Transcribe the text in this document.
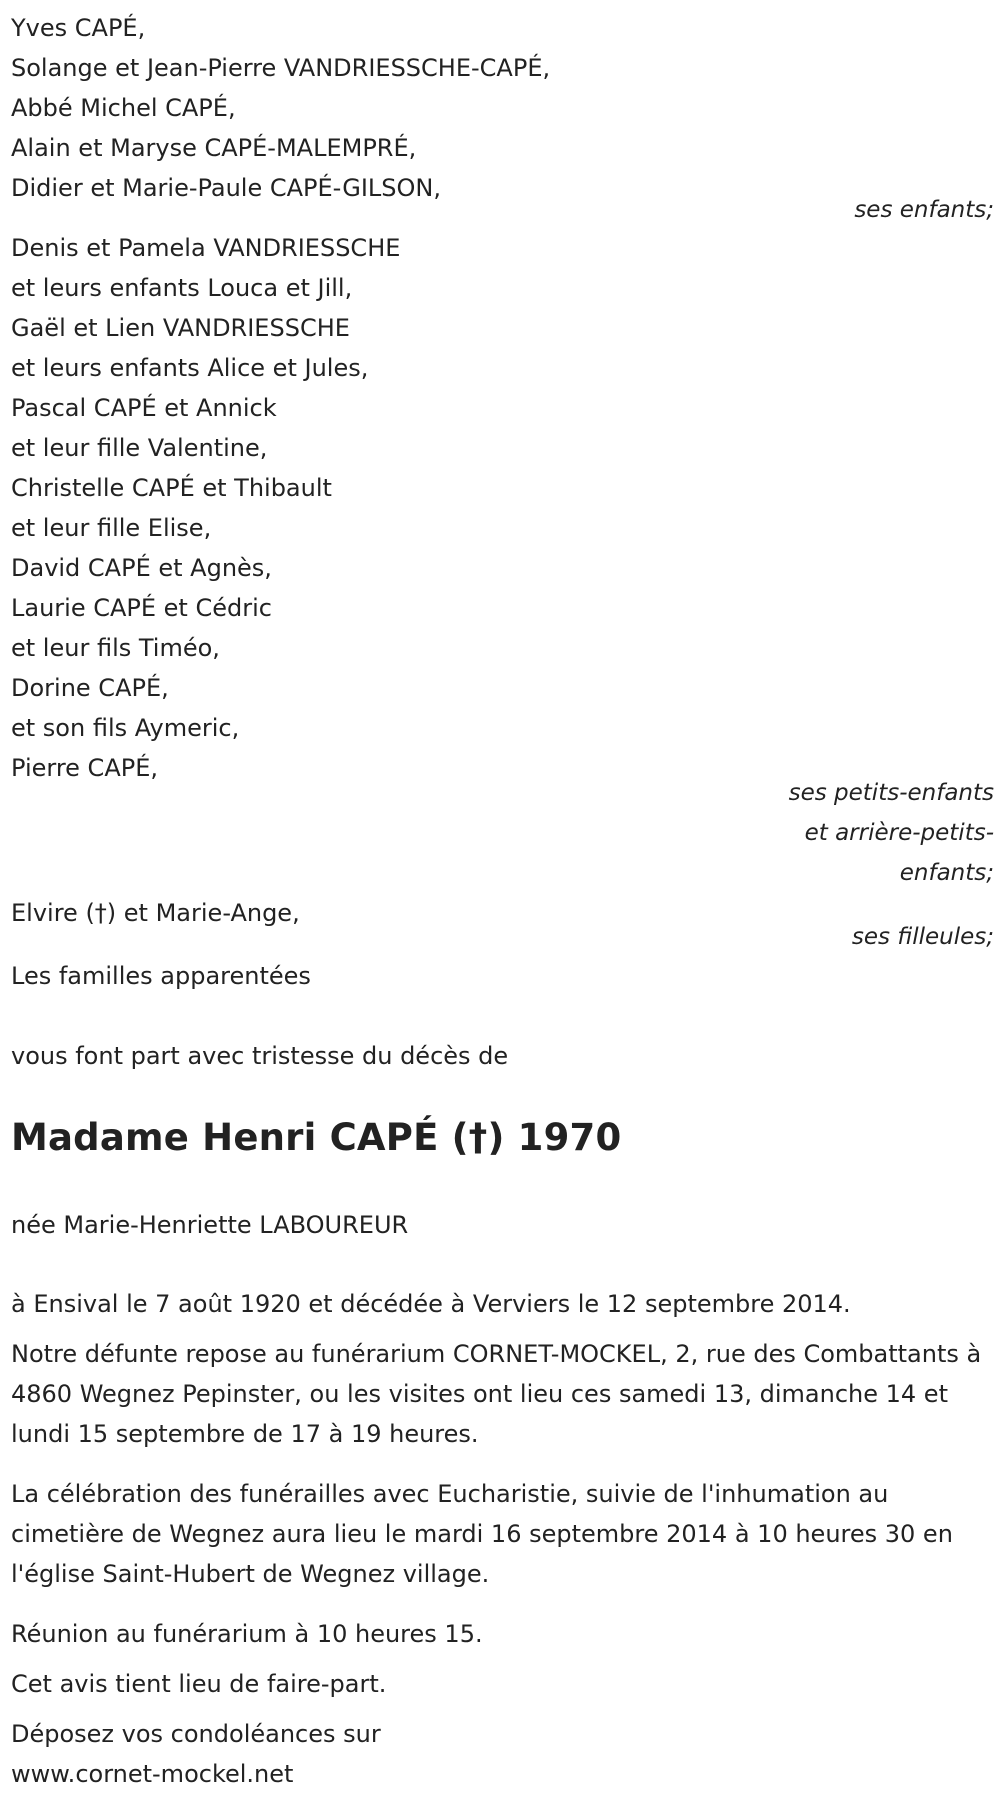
Yves CAPÉ,
Solange et Jean-Pierre VANDRIESSCHE-CAPÉ,
Abbé Michel CAPÉ,
Alain et Maryse CAPÉ-MALEMPRÉ,
Didier et Marie-Paule CAPÉ-GILSON,
ses enfants;
Denis et Pamela VANDRIESSCHE
et leurs enfants Louca et Jill,
Gaël et Lien VANDRIESSCHE
et leurs enfants Alice et Jules,
Pascal CAPÉ et Annick
et leur fille Valentine,
Christelle CAPÉ et Thibault
et leur fille Elise,
David CAPÉ et Agnès,
Laurie CAPÉ et Cédric
et leur fils Timéo,
Dorine CAPÉ,
et son fils Aymeric,
Pierre CAPÉ,
ses petits-enfants
et arrière-petits-
enfants;
Elvire (†) et Marie-Ange,
ses filleules;
Les familles apparentées
vous font part avec tristesse du décès de
Madame Henri CAPÉ (†) 1970
née Marie-Henriette LABOUREUR
à Ensival le 7 août 1920 et décédée à Verviers le 12 septembre 2014.
Notre défunte repose au funérarium CORNET-MOCKEL, 2, rue des Combattants à 4860 Wegnez Pepinster, ou les visites ont lieu ces samedi 13, dimanche 14 et lundi 15 septembre de 17 à 19 heures.
La célébration des funérailles avec Eucharistie, suivie de l'inhumation au cimetière de Wegnez aura lieu le mardi 16 septembre 2014 à 10 heures 30 en l'église Saint-Hubert de Wegnez village.
Réunion au funérarium à 10 heures 15.
Cet avis tient lieu de faire-part.
Déposez vos condoléances sur
www.cornet-mockel.net
